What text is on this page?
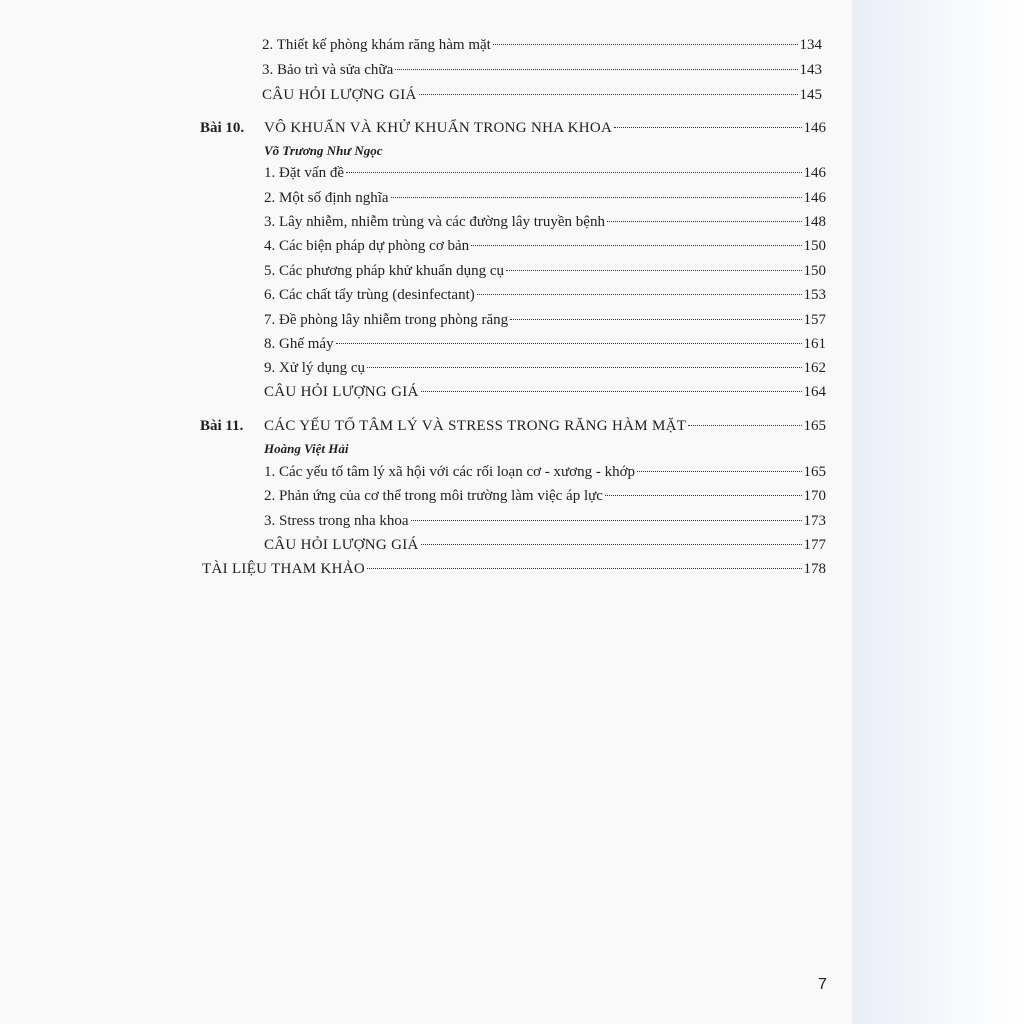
2. Thiết kế phòng khám răng hàm mặt	134
3. Bảo trì và sửa chữa	143
CÂU HỎI LƯỢNG GIÁ	145
Bài 10. VÔ KHUẨN VÀ KHỬ KHUẨN TRONG NHA KHOA	146
Võ Trương Như Ngọc
1. Đặt vấn đề	146
2. Một số định nghĩa	146
3. Lây nhiễm, nhiễm trùng và các đường lây truyền bệnh	148
4. Các biện pháp dự phòng cơ bản	150
5. Các phương pháp khử khuẩn dụng cụ	150
6. Các chất tẩy trùng (desinfectant)	153
7. Đề phòng lây nhiễm trong phòng răng	157
8. Ghế máy	161
9. Xử lý dụng cụ	162
CÂU HỎI LƯỢNG GIÁ	164
Bài 11. CÁC YẾU TỐ TÂM LÝ VÀ STRESS TRONG RĂNG HÀM MẶT	165
Hoàng Việt Hải
1. Các yếu tố tâm lý xã hội với các rối loạn cơ - xương - khớp	165
2. Phản ứng của cơ thể trong môi trường làm việc áp lực	170
3. Stress trong nha khoa	173
CÂU HỎI LƯỢNG GIÁ	177
TÀI LIỆU THAM KHẢO	178
7
